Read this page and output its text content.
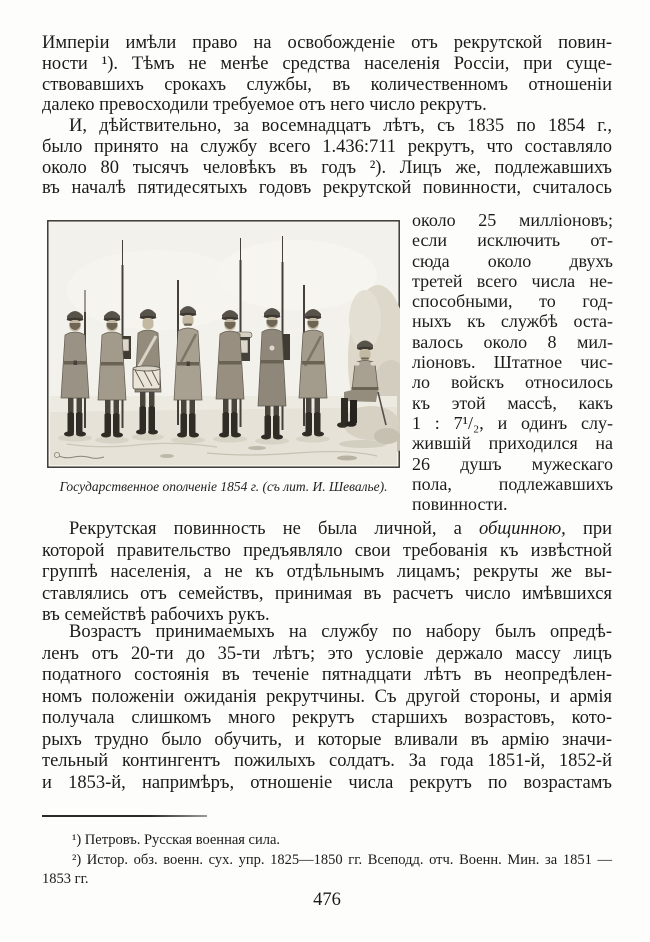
Имперіи имѣли право на освобожденіе отъ рекрутской повин-
ности ¹). Тѣмъ не менѣе средства населенія Россіи, при суще-
ствовавшихъ срокахъ службы, въ количественномъ отношеніи
далеко превосходили требуемое отъ него число рекрутъ.
И, дѣйствительно, за восемнадцатъ лѣтъ, съ 1835 по 1854 г.,
было принято на службу всего 1.436:711 рекрутъ, что составляло
около 80 тысячъ человѣкъ въ годъ ²). Лицъ же, подлежавшихъ
въ началѣ пятидесятыхъ годовъ рекрутской повинности, считалось
около 25 милліоновъ;
если исключить от-
сюда около двухъ
третей всего числа не-
способными, то год-
ныхъ къ службѣ оста-
валось около 8 мил-
ліоновъ. Штатное чис-
ло войскъ относилось
къ этой массѣ, какъ
1 : 7¹/₂, и одинъ слу-
жившій приходился на
26 душъ мужескаго
пола, подлежавшихъ
повинности.
Государственное ополченіе 1854 г. (съ лит. И. Шевалье).
Рекрутская повинность не была личной, а общинною, при
которой правительство предъявляло свои требованія къ извѣстной
группѣ населенія, а не къ отдѣльнымъ лицамъ; рекруты же вы-
ставлялись отъ семействъ, принимая въ расчетъ число имѣвшихся
въ семействѣ рабочихъ рукъ.
Возрастъ принимаемыхъ на службу по набору былъ опредѣ-
ленъ отъ 20-ти до 35-ти лѣтъ; это условіе держало массу лицъ
податного состоянія въ теченіе пятнадцати лѣтъ въ неопредѣлен-
номъ положеніи ожиданія рекрутчины. Съ другой стороны, и армія
получала слишкомъ много рекрутъ старшихъ возрастовъ, кото-
рыхъ трудно было обучить, и которые вливали въ армію значи-
тельный контингентъ пожилыхъ солдатъ. За года 1851-й, 1852-й
и 1853-й, напримѣръ, отношеніе числа рекрутъ по возрастамъ
¹) Петровъ. Русская военная сила.
²) Истор. обз. военн. сух. упр. 1825—1850 гг. Всеподд. отч. Военн. Мин. за 1851 —
1853 гг.
476
